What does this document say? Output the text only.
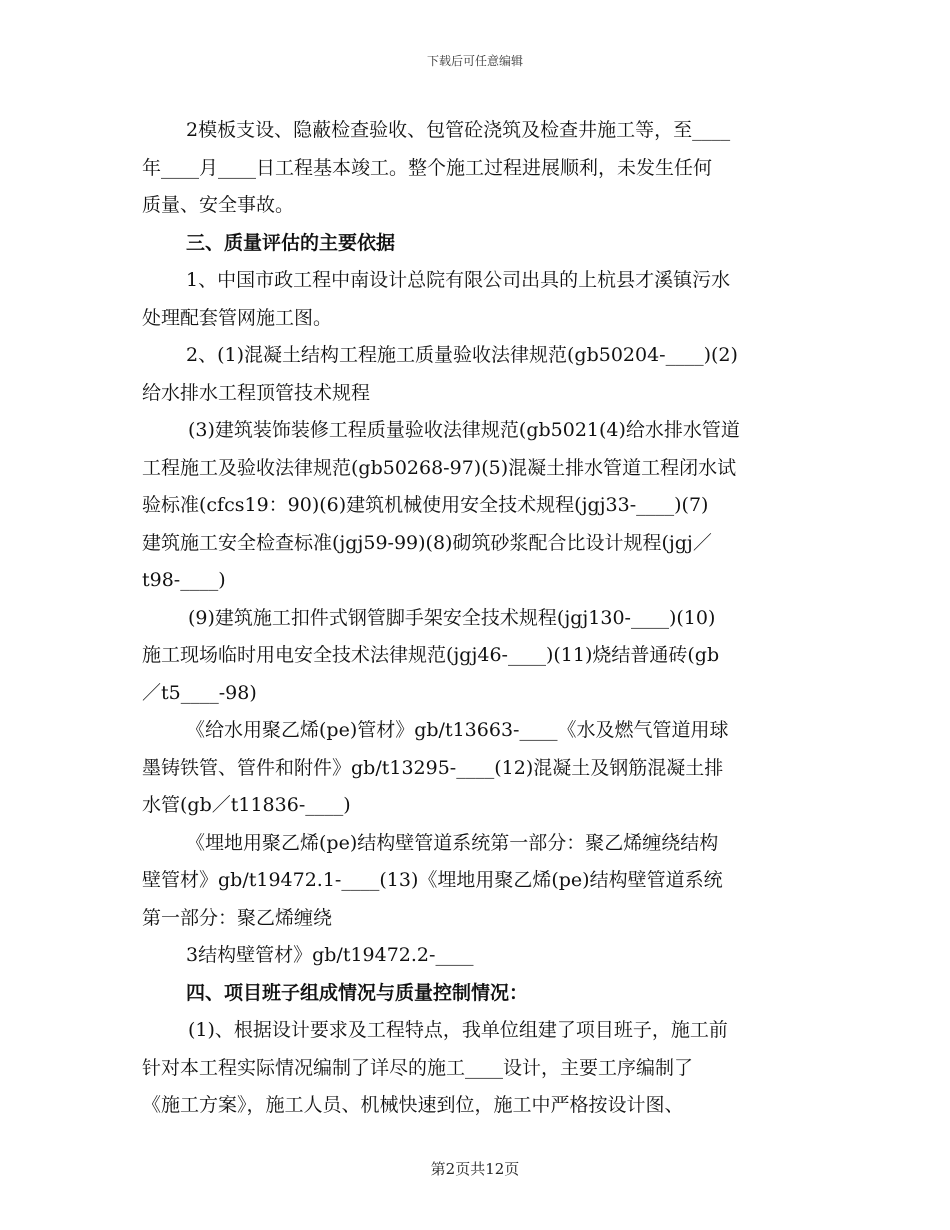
下载后可任意编辑
2模板支设、隐蔽检查验收、包管砼浇筑及检查井施工等，至____
年____月____日工程基本竣工。整个施工过程进展顺利，未发生任何
质量、安全事故。
三、质量评估的主要依据
1、中国市政工程中南设计总院有限公司出具的上杭县才溪镇污水
处理配套管网施工图。
2、(1)混凝土结构工程施工质量验收法律规范(gb50204-____)(2)
给水排水工程顶管技术规程
(3)建筑装饰装修工程质量验收法律规范(gb5021(4)给水排水管道
工程施工及验收法律规范(gb50268-97)(5)混凝土排水管道工程闭水试
验标准(cfcs19：90)(6)建筑机械使用安全技术规程(jgj33-____)(7)
建筑施工安全检查标准(jgj59-99)(8)砌筑砂浆配合比设计规程(jgj／
t98-____)
(9)建筑施工扣件式钢管脚手架安全技术规程(jgj130-____)(10)
施工现场临时用电安全技术法律规范(jgj46-____)(11)烧结普通砖(gb
／t5____-98)
《给水用聚乙烯(pe)管材》gb/t13663-____《水及燃气管道用球
墨铸铁管、管件和附件》gb/t13295-____(12)混凝土及钢筋混凝土排
水管(gb／t11836-____)
《埋地用聚乙烯(pe)结构壁管道系统第一部分：聚乙烯缠绕结构
壁管材》gb/t19472.1-____(13)《埋地用聚乙烯(pe)结构壁管道系统
第一部分：聚乙烯缠绕
3结构壁管材》gb/t19472.2-____
四、项目班子组成情况与质量控制情况：
(1)、根据设计要求及工程特点，我单位组建了项目班子，施工前
针对本工程实际情况编制了详尽的施工____设计，主要工序编制了
《施工方案》，施工人员、机械快速到位，施工中严格按设计图、
第2页共12页
